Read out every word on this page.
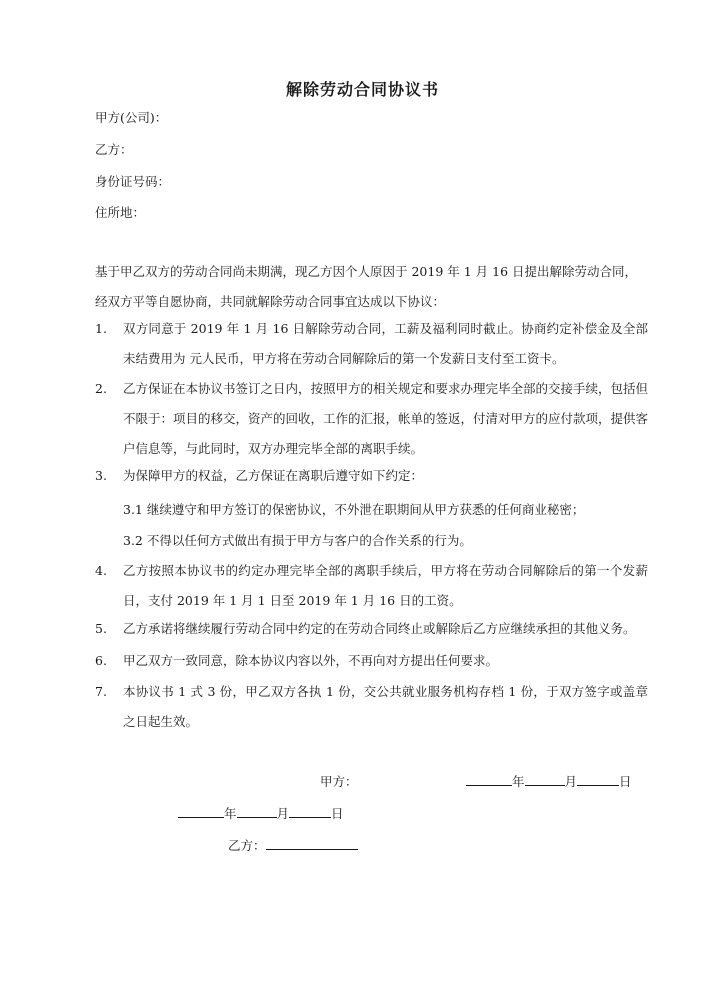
解除劳动合同协议书
甲方(公司)：
乙方：
身份证号码：
住所地：
基于甲乙双方的劳动合同尚未期满，现乙方因个人原因于 2019 年 1 月 16 日提出解除劳动合同，经双方平等自愿协商，共同就解除劳动合同事宜达成以下协议：
1. 双方同意于 2019 年 1 月 16 日解除劳动合同，工薪及福利同时截止。协商约定补偿金及全部未结费用为 元人民币，甲方将在劳动合同解除后的第一个发薪日支付至工资卡。
2. 乙方保证在本协议书签订之日内，按照甲方的相关规定和要求办理完毕全部的交接手续，包括但不限于：项目的移交，资产的回收，工作的汇报，帐单的签返，付清对甲方的应付款项，提供客户信息等，与此同时，双方办理完毕全部的离职手续。
3. 为保障甲方的权益，乙方保证在离职后遵守如下约定：
3.1 继续遵守和甲方签订的保密协议，不外泄在职期间从甲方获悉的任何商业秘密；
3.2 不得以任何方式做出有损于甲方与客户的合作关系的行为。
4. 乙方按照本协议书的约定办理完毕全部的离职手续后，甲方将在劳动合同解除后的第一个发薪日，支付 2019 年 1 月 1 日至 2019 年 1 月 16 日的工资。
5. 乙方承诺将继续履行劳动合同中约定的在劳动合同终止或解除后乙方应继续承担的其他义务。
6. 甲乙双方一致同意，除本协议内容以外，不再向对方提出任何要求。
7. 本协议书 1 式 3 份，甲乙双方各执 1 份，交公共就业服务机构存档 1 份，于双方签字或盖章之日起生效。
甲方：	年	月	日
年	月	日
乙方：
